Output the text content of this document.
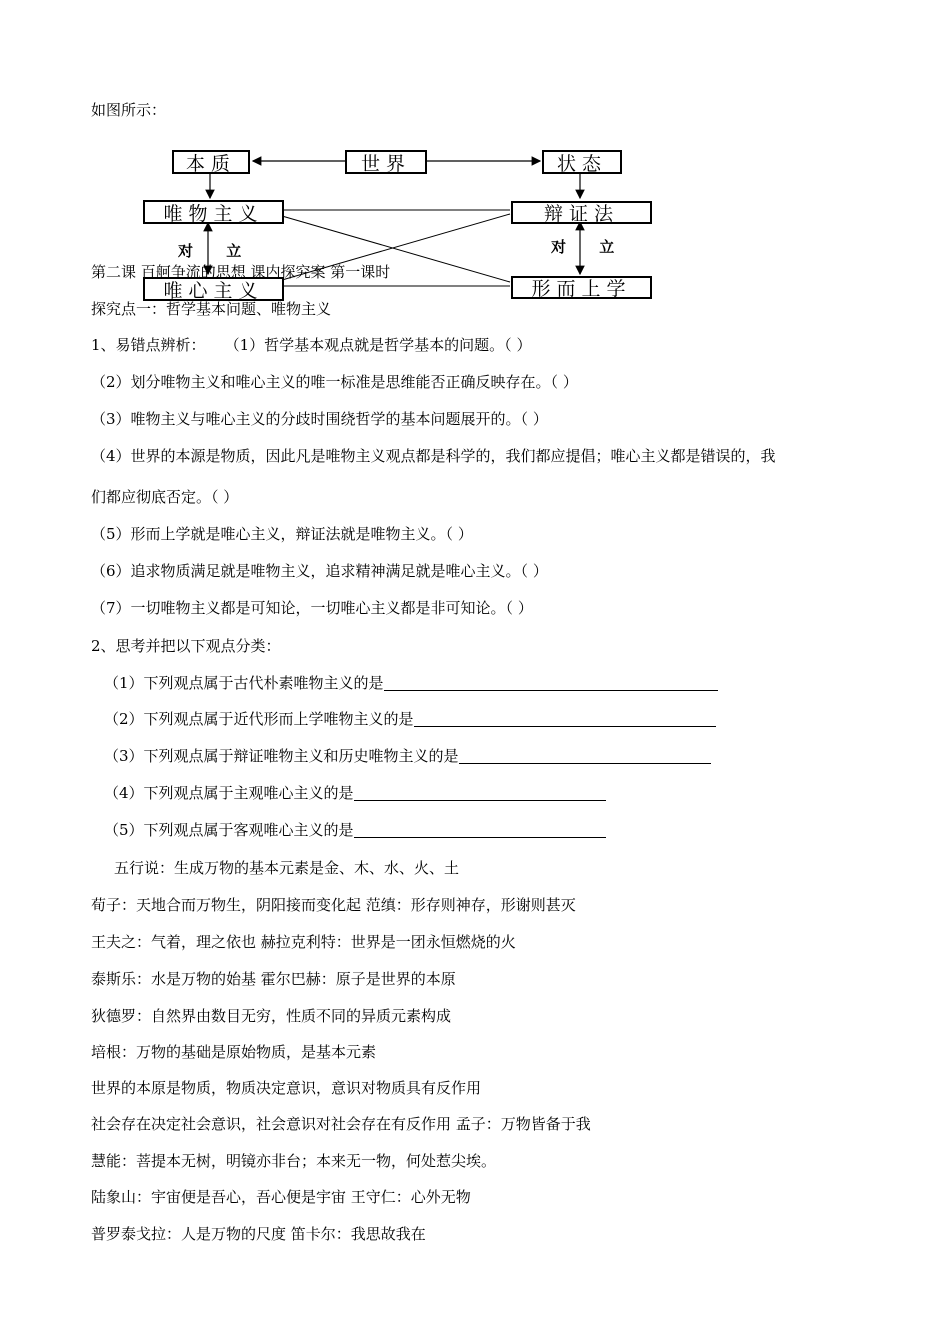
如图所示：
本质	世界	状态
唯物主义	辩证法
唯心主义	形而上学
对 立	对 立
第二课 百舸争流的思想 课内探究案 第一课时
探究点一：哲学基本问题、唯物主义
1、易错点辨析： （1）哲学基本观点就是哲学基本的问题。（ ）
（2）划分唯物主义和唯心主义的唯一标准是思维能否正确反映存在。（ ）
（3）唯物主义与唯心主义的分歧时围绕哲学的基本问题展开的。（ ）
（4）世界的本源是物质，因此凡是唯物主义观点都是科学的，我们都应提倡；唯心主义都是错误的，我
们都应彻底否定。（ ）
（5）形而上学就是唯心主义，辩证法就是唯物主义。（ ）
（6）追求物质满足就是唯物主义，追求精神满足就是唯心主义。（ ）
（7）一切唯物主义都是可知论，一切唯心主义都是非可知论。（ ）
2、思考并把以下观点分类：
（1）下列观点属于古代朴素唯物主义的是
（2）下列观点属于近代形而上学唯物主义的是
（3）下列观点属于辩证唯物主义和历史唯物主义的是
（4）下列观点属于主观唯心主义的是
（5）下列观点属于客观唯心主义的是
五行说：生成万物的基本元素是金、木、水、火、土
荀子：天地合而万物生，阴阳接而变化起 范缜：形存则神存，形谢则甚灭
王夫之：气着，理之依也 赫拉克利特：世界是一团永恒燃烧的火
泰斯乐：水是万物的始基 霍尔巴赫：原子是世界的本原
狄德罗：自然界由数目无穷，性质不同的异质元素构成
培根：万物的基础是原始物质，是基本元素
世界的本原是物质，物质决定意识，意识对物质具有反作用
社会存在决定社会意识，社会意识对社会存在有反作用 孟子：万物皆备于我
慧能：菩提本无树，明镜亦非台；本来无一物，何处惹尖埃。
陆象山：宇宙便是吾心，吾心便是宇宙 王守仁：心外无物
普罗泰戈拉：人是万物的尺度 笛卡尔：我思故我在
